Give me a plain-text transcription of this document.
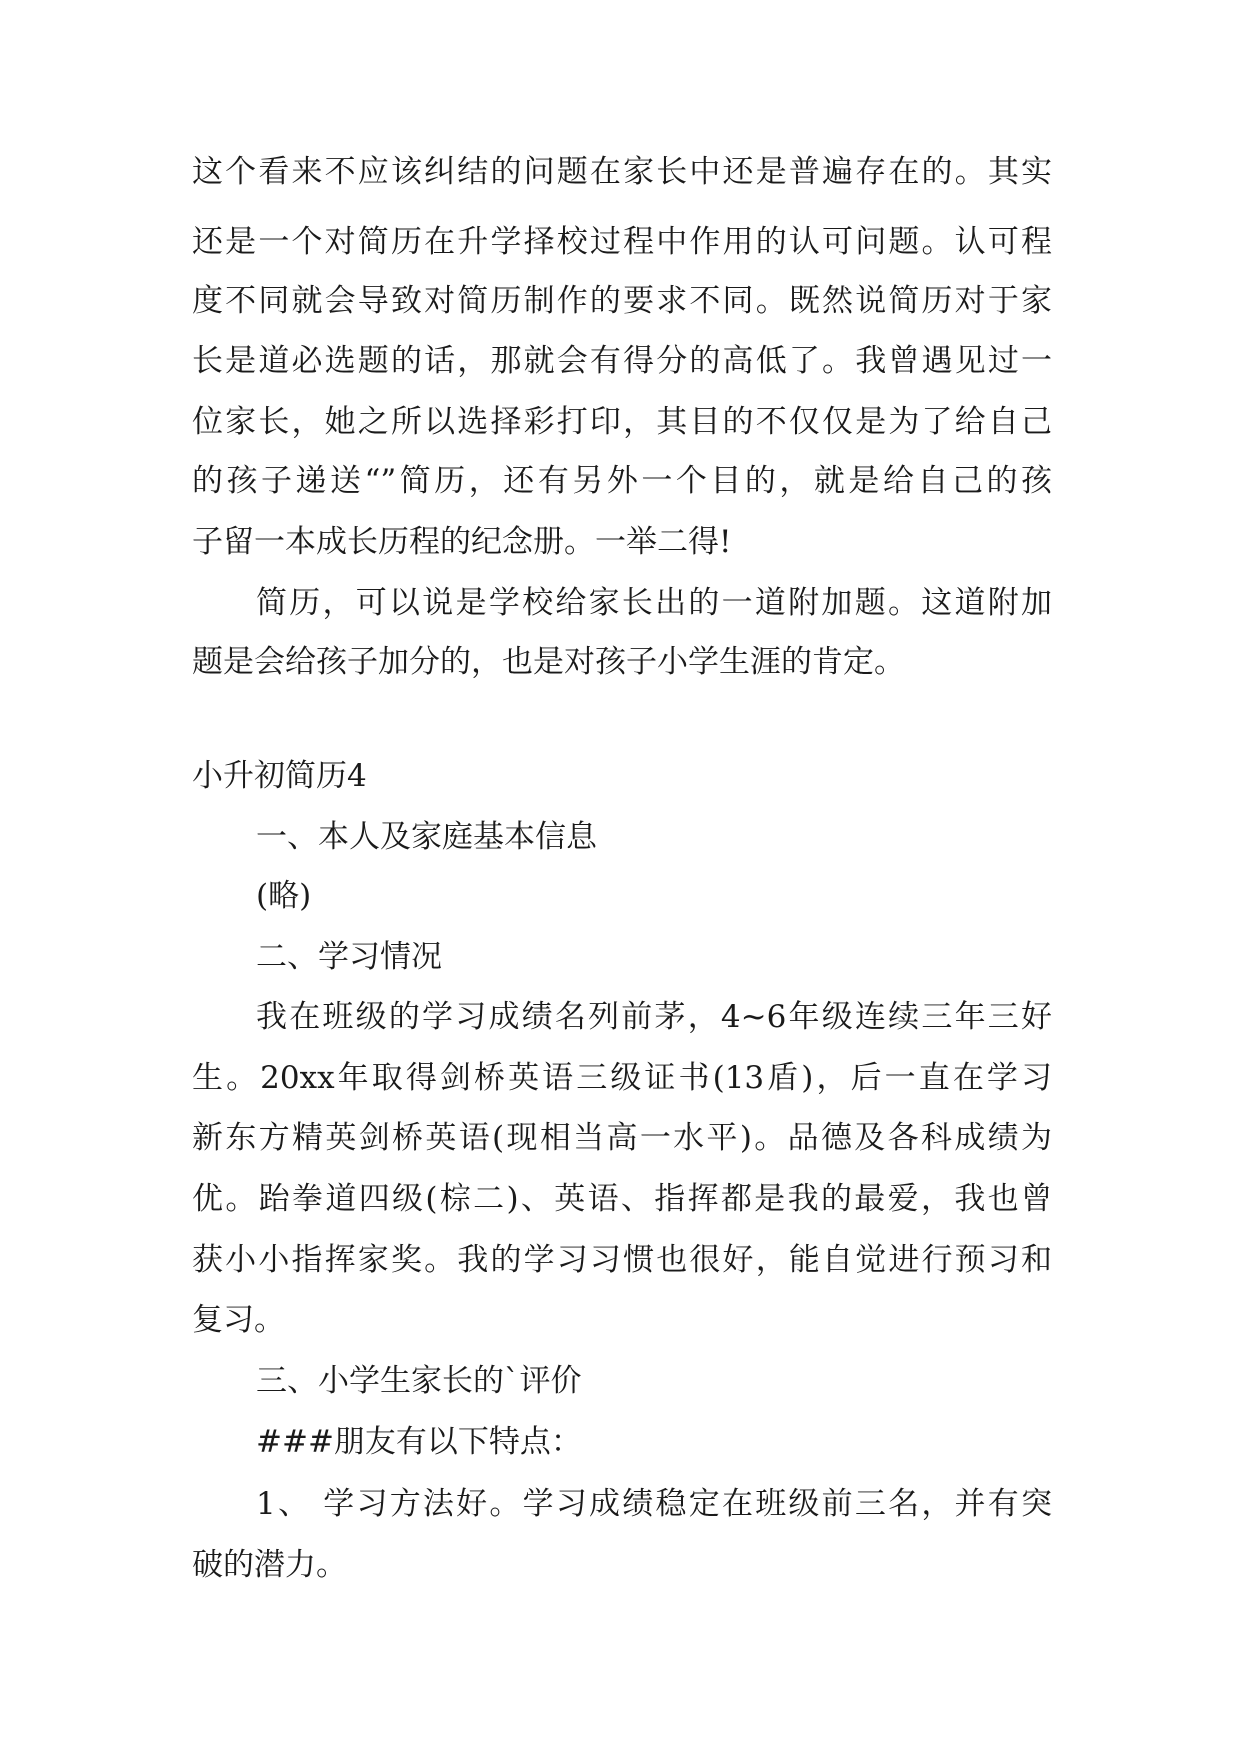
这个看来不应该纠结的问题在家长中还是普遍存在的。其实
还是一个对简历在升学择校过程中作用的认可问题。认可程
度不同就会导致对简历制作的要求不同。既然说简历对于家
长是道必选题的话，那就会有得分的高低了。我曾遇见过一
位家长，她之所以选择彩打印，其目的不仅仅是为了给自己
的孩子递送“”简历，还有另外一个目的，就是给自己的孩
子留一本成长历程的纪念册。一举二得!
简历，可以说是学校给家长出的一道附加题。这道附加
题是会给孩子加分的，也是对孩子小学生涯的肯定。
小升初简历4
一、本人及家庭基本信息
(略)
二、学习情况
我在班级的学习成绩名列前茅，4~6年级连续三年三好
生。20xx年取得剑桥英语三级证书(13盾)，后一直在学习
新东方精英剑桥英语(现相当高一水平)。品德及各科成绩为
优。跆拳道四级(棕二)、英语、指挥都是我的最爱，我也曾
获小小指挥家奖。我的学习习惯也很好，能自觉进行预习和
复习。
三、小学生家长的`评价
###朋友有以下特点：
1、 学习方法好。学习成绩稳定在班级前三名，并有突
破的潜力。
